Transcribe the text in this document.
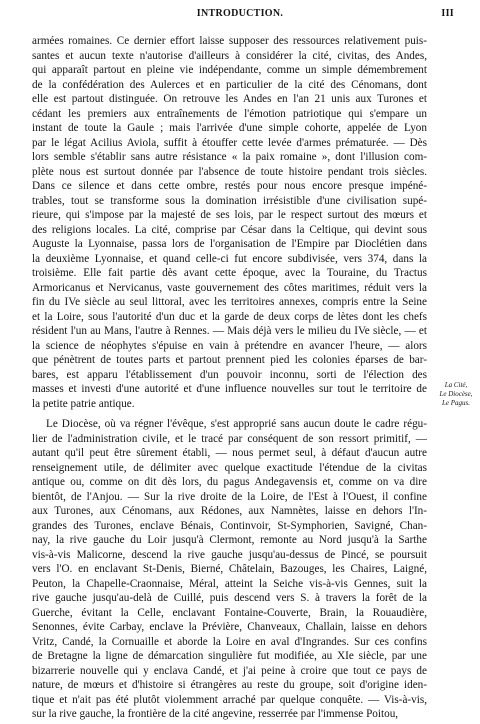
INTRODUCTION.	III
armées romaines. Ce dernier effort laisse supposer des ressources relativement puis-
santes et aucun texte n'autorise d'ailleurs à considérer la cité, civitas, des Andes,
qui apparaît partout en pleine vie indépendante, comme un simple démembrement
de la confédération des Aulerces et en particulier de la cité des Cénomans, dont
elle est partout distinguée. On retrouve les Andes en l'an 21 unis aux Turones et
cédant les premiers aux entraînements de l'émotion patriotique qui s'empare un
instant de toute la Gaule ; mais l'arrivée d'une simple cohorte, appelée de Lyon
par le légat Acilius Aviola, suffit à étouffer cette levée d'armes prématurée. — Dès
lors semble s'établir sans autre résistance « la paix romaine », dont l'illusion com-
plète nous est surtout donnée par l'absence de toute histoire pendant trois siècles.
Dans ce silence et dans cette ombre, restés pour nous encore presque impéné-
trables, tout se transforme sous la domination irrésistible d'une civilisation supé-
rieure, qui s'impose par la majesté de ses lois, par le respect surtout des mœurs et
des religions locales. La cité, comprise par César dans la Celtique, qui devint sous
Auguste la Lyonnaise, passa lors de l'organisation de l'Empire par Dioclétien dans
la deuxième Lyonnaise, et quand celle-ci fut encore subdivisée, vers 374, dans la
troisième. Elle fait partie dès avant cette époque, avec la Touraine, du Tractus
Armoricanus et Nervicanus, vaste gouvernement des côtes maritimes, réduit vers la
fin du IVe siècle au seul littoral, avec les territoires annexes, compris entre la Seine
et la Loire, sous l'autorité d'un duc et la garde de deux corps de lètes dont les chefs
résident l'un au Mans, l'autre à Rennes. — Mais déjà vers le milieu du IVe siècle, — et
la science de néophytes s'épuise en vain à prétendre en avancer l'heure, — alors
que pénètrent de toutes parts et partout prennent pied les colonies éparses de bar-
bares, est apparu l'établissement d'un pouvoir inconnu, sorti de l'élection des
masses et investi d'une autorité et d'une influence nouvelles sur tout le territoire de
la petite patrie antique.
Le Diocèse, où va régner l'évêque, s'est approprié sans aucun doute le cadre régu-
lier de l'administration civile, et le tracé par conséquent de son ressort primitif, —
autant qu'il peut être sûrement établi, — nous permet seul, à défaut d'aucun autre
renseignement utile, de délimiter avec quelque exactitude l'étendue de la civitas
antique ou, comme on dit dès lors, du pagus Andegavensis et, comme on va dire
bientôt, de l'Anjou. — Sur la rive droite de la Loire, de l'Est à l'Ouest, il confine
aux Turones, aux Cénomans, aux Rédones, aux Namnètes, laisse en dehors l'In-
grandes des Turones, enclave Bénais, Continvoir, St-Symphorien, Savigné, Chan-
nay, la rive gauche du Loir jusqu'à Clermont, remonte au Nord jusqu'à la Sarthe
vis-à-vis Malicorne, descend la rive gauche jusqu'au-dessus de Pincé, se poursuit
vers l'O. en enclavant St-Denis, Bierné, Châtelain, Bazouges, les Chaires, Laigné,
Peuton, la Chapelle-Craonnaise, Méral, atteint la Seiche vis-à-vis Gennes, suit la
rive gauche jusqu'au-delà de Cuillé, puis descend vers S. à travers la forêt de la
Guerche, évitant la Celle, enclavant Fontaine-Couverte, Brain, la Rouaudière,
Senonnes, évite Carbay, enclave la Prévière, Chanveaux, Challain, laisse en dehors
Vritz, Candé, la Cornuaille et aborde la Loire en aval d'Ingrandes. Sur ces confins
de Bretagne la ligne de démarcation singulière fut modifiée, au XIe siècle, par une
bizarrerie nouvelle qui y enclava Candé, et j'ai peine à croire que tout ce pays de
nature, de mœurs et d'histoire si étrangères au reste du groupe, soit d'origine iden-
tique et n'ait pas été plutôt violemment arraché par quelque conquête. — Vis-à-vis,
sur la rive gauche, la frontière de la cité angevine, resserrée par l'immense Poitou,
La Cité,
Le Diocèse,
Le Pagus.
